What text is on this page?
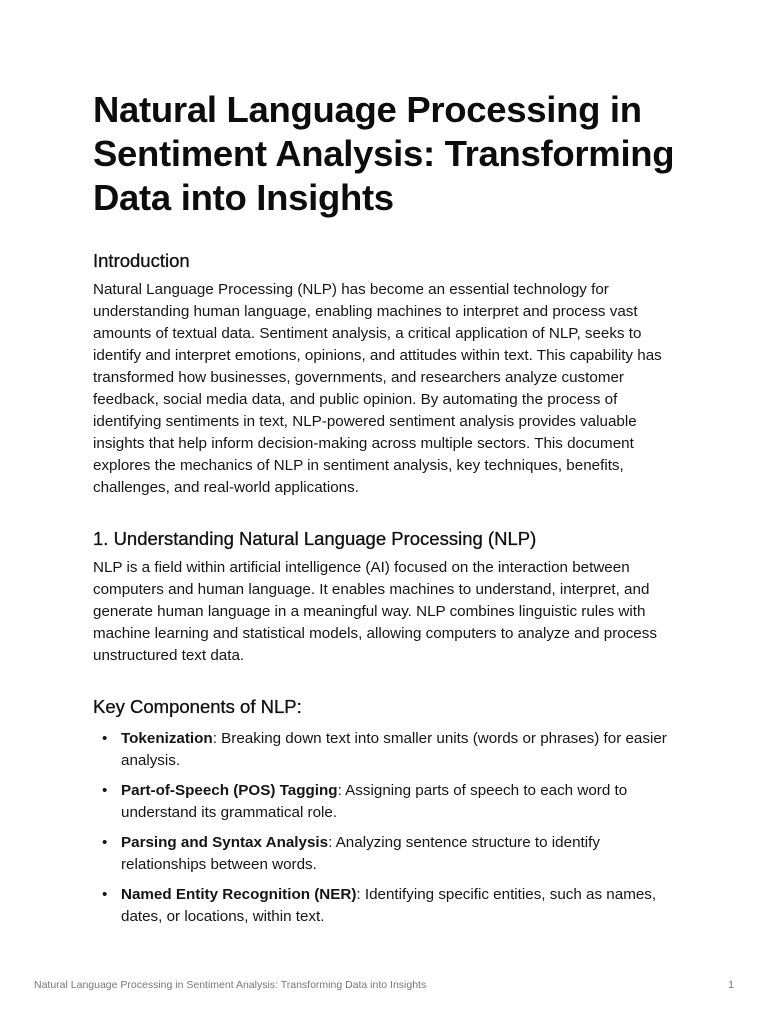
Natural Language Processing in Sentiment Analysis: Transforming Data into Insights
Introduction

Natural Language Processing (NLP) has become an essential technology for understanding human language, enabling machines to interpret and process vast amounts of textual data. Sentiment analysis, a critical application of NLP, seeks to identify and interpret emotions, opinions, and attitudes within text. This capability has transformed how businesses, governments, and researchers analyze customer feedback, social media data, and public opinion. By automating the process of identifying sentiments in text, NLP-powered sentiment analysis provides valuable insights that help inform decision-making across multiple sectors. This document explores the mechanics of NLP in sentiment analysis, key techniques, benefits, challenges, and real-world applications.

1. Understanding Natural Language Processing (NLP)

NLP is a field within artificial intelligence (AI) focused on the interaction between computers and human language. It enables machines to understand, interpret, and generate human language in a meaningful way. NLP combines linguistic rules with machine learning and statistical models, allowing computers to analyze and process unstructured text data.

Key Components of NLP:
• Tokenization: Breaking down text into smaller units (words or phrases) for easier analysis.
• Part-of-Speech (POS) Tagging: Assigning parts of speech to each word to understand its grammatical role.
• Parsing and Syntax Analysis: Analyzing sentence structure to identify relationships between words.
• Named Entity Recognition (NER): Identifying specific entities, such as names, dates, or locations, within text.
Natural Language Processing in Sentiment Analysis: Transforming Data into Insights	1
